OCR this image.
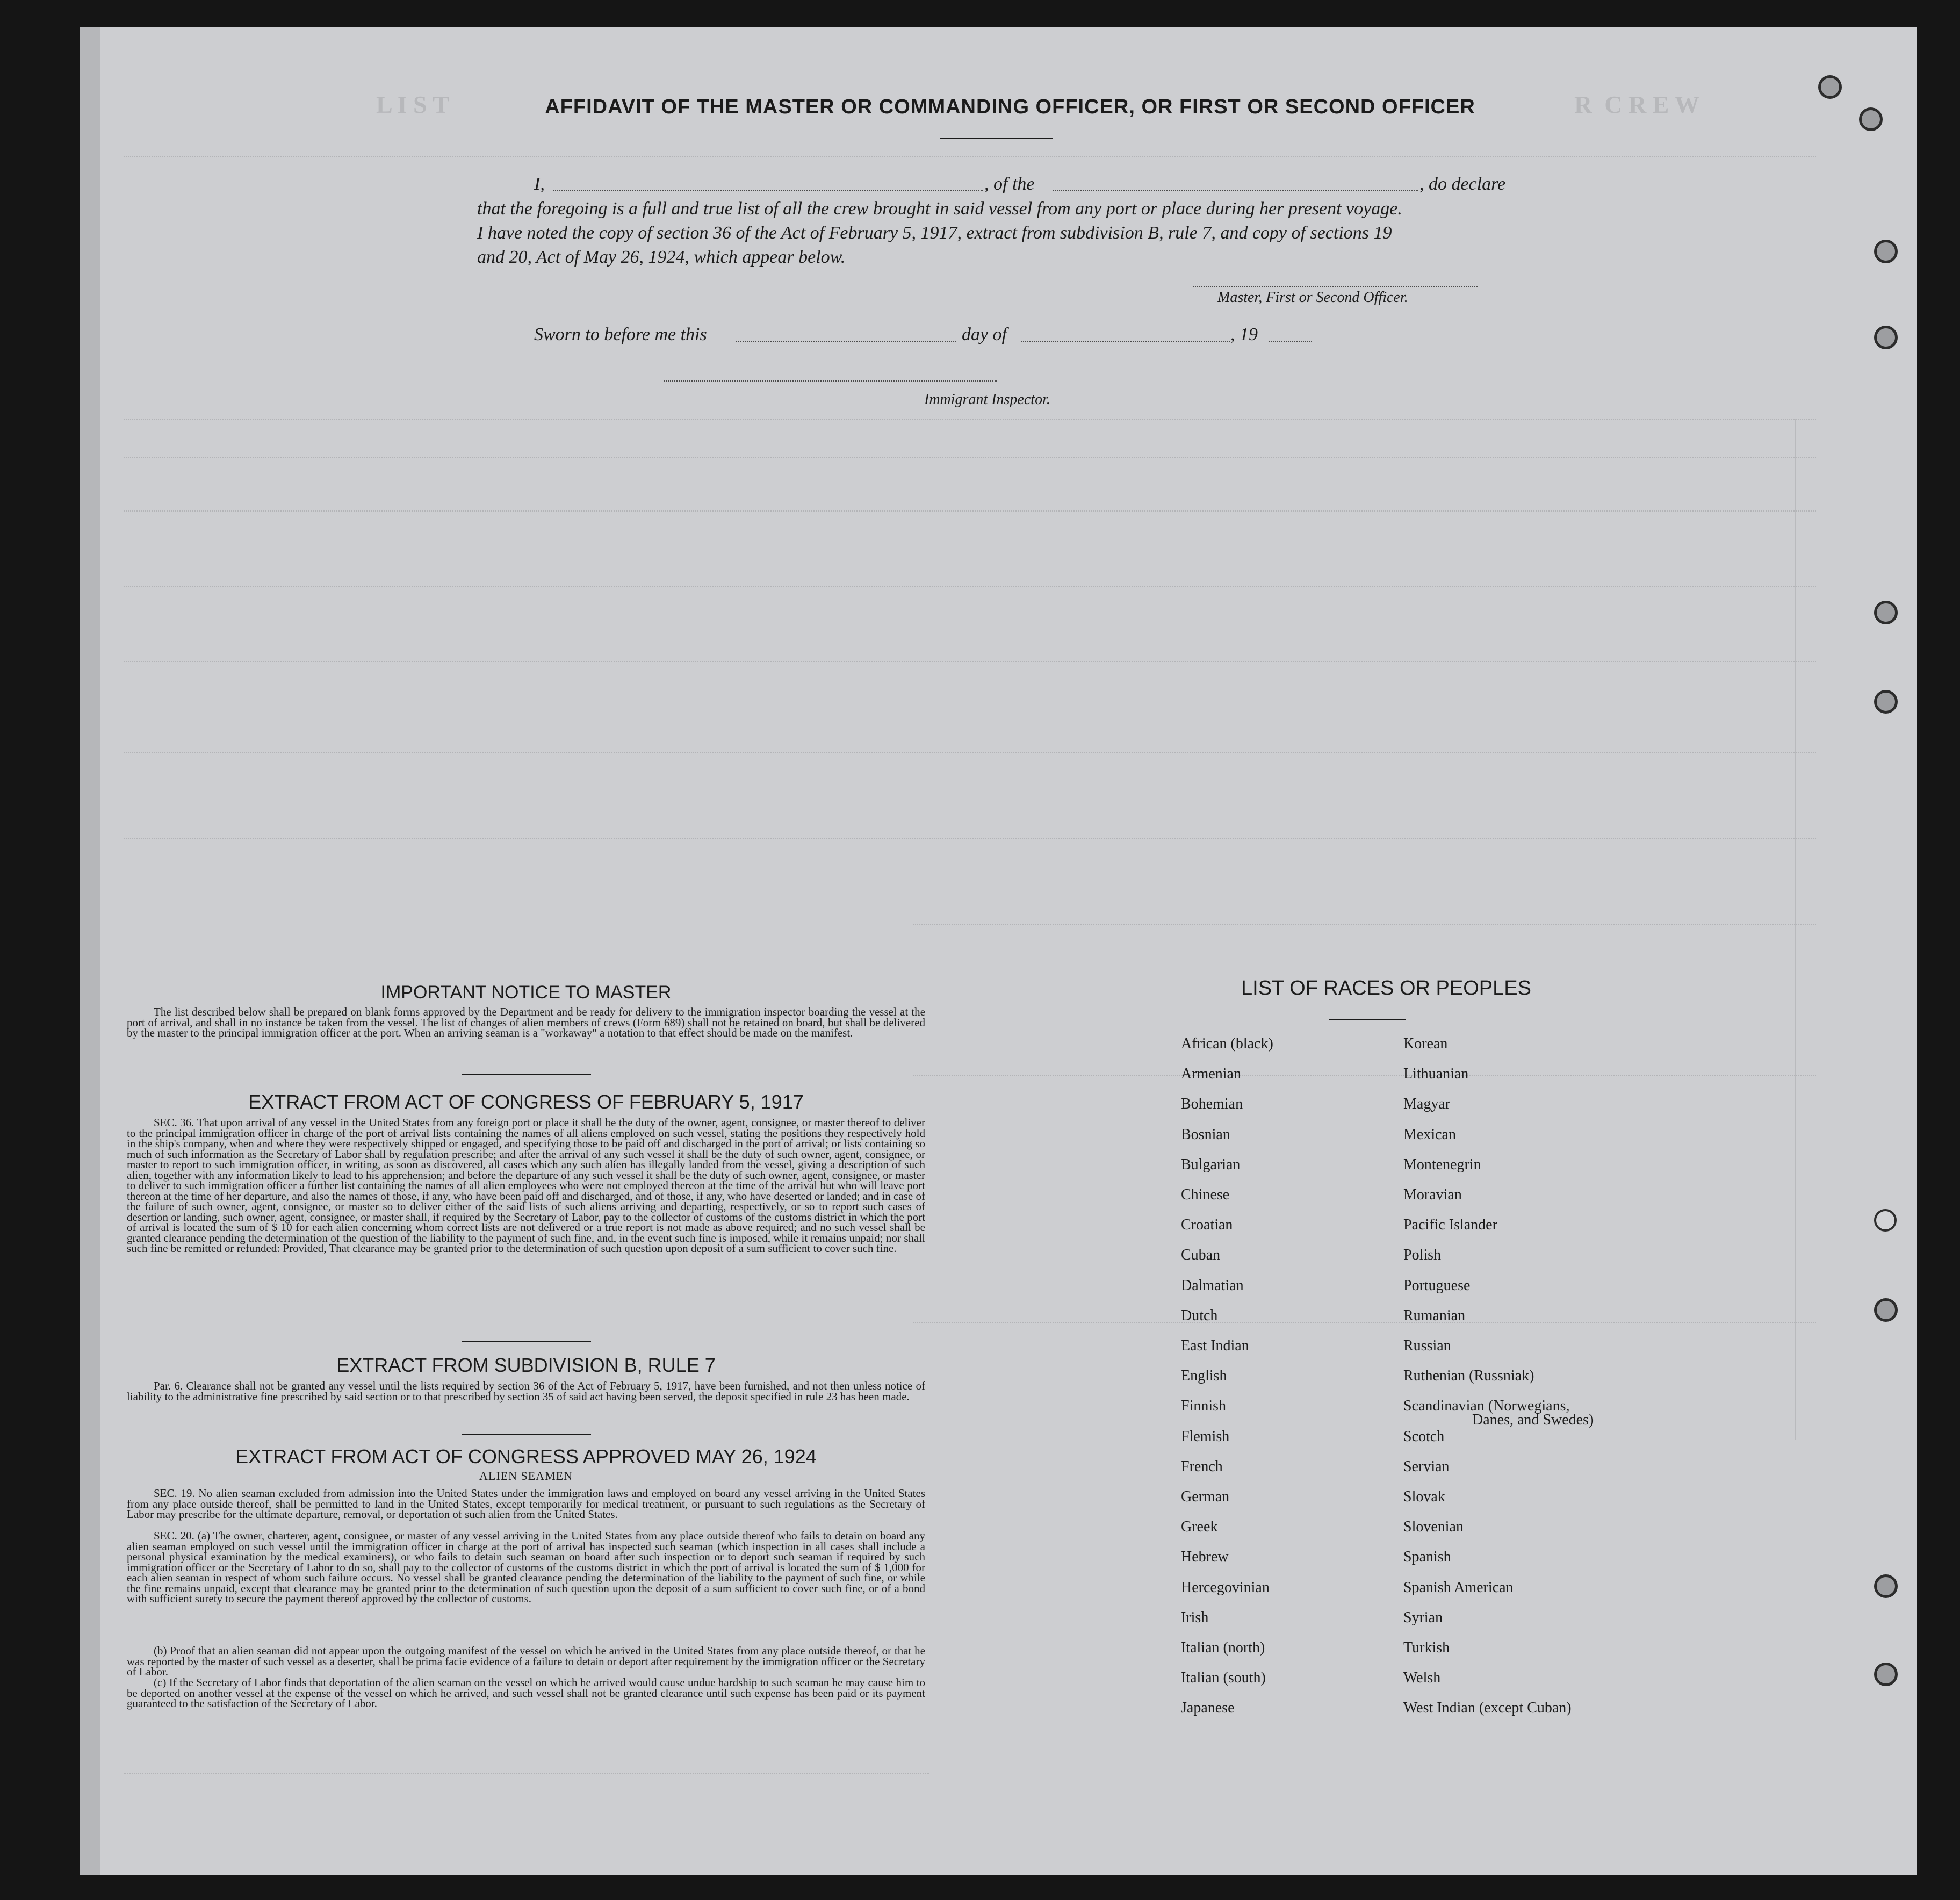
L I S T	R  C R E W
AFFIDAVIT OF THE MASTER OR COMMANDING OFFICER, OR FIRST OR SECOND OFFICER
I,	, of the	, do declare
that the foregoing is a full and true list of all the crew brought in said vessel from any port or place during her present voyage.
I have noted the copy of section 36 of the Act of February 5, 1917, extract from subdivision B, rule 7, and copy of sections 19
and 20, Act of May 26, 1924, which appear below.
Master, First or Second Officer.
Sworn to before me this	day of	, 19
Immigrant Inspector.
IMPORTANT NOTICE TO MASTER
The list described below shall be prepared on blank forms approved by the Department and be ready for delivery to the immigration inspector boarding the vessel at the port of arrival, and shall in no instance be taken from the vessel. The list of changes of alien members of crews (Form 689) shall not be retained on board, but shall be delivered by the master to the principal immigration officer at the port. When an arriving seaman is a "workaway" a notation to that effect should be made on the manifest.
EXTRACT FROM ACT OF CONGRESS OF FEBRUARY 5, 1917
SEC. 36. That upon arrival of any vessel in the United States from any foreign port or place it shall be the duty of the owner, agent, consignee, or master thereof to deliver to the principal immigration officer in charge of the port of arrival lists containing the names of all aliens employed on such vessel, stating the positions they respectively hold in the ship's company, when and where they were respectively shipped or engaged, and specifying those to be paid off and discharged in the port of arrival; or lists containing so much of such information as the Secretary of Labor shall by regulation prescribe; and after the arrival of any such vessel it shall be the duty of such owner, agent, consignee, or master to report to such immigration officer, in writing, as soon as discovered, all cases which any such alien has illegally landed from the vessel, giving a description of such alien, together with any information likely to lead to his apprehension; and before the departure of any such vessel it shall be the duty of such owner, agent, consignee, or master to deliver to such immigration officer a further list containing the names of all alien employees who were not employed thereon at the time of the arrival but who will leave port thereon at the time of her departure, and also the names of those, if any, who have been paid off and discharged, and of those, if any, who have deserted or landed; and in case of the failure of such owner, agent, consignee, or master so to deliver either of the said lists of such aliens arriving and departing, respectively, or so to report such cases of desertion or landing, such owner, agent, consignee, or master shall, if required by the Secretary of Labor, pay to the collector of customs of the customs district in which the port of arrival is located the sum of $ 10 for each alien concerning whom correct lists are not delivered or a true report is not made as above required; and no such vessel shall be granted clearance pending the determination of the question of the liability to the payment of such fine, and, in the event such fine is imposed, while it remains unpaid; nor shall such fine be remitted or refunded: Provided, That clearance may be granted prior to the determination of such question upon deposit of a sum sufficient to cover such fine.
EXTRACT FROM SUBDIVISION B, RULE 7
Par. 6. Clearance shall not be granted any vessel until the lists required by section 36 of the Act of February 5, 1917, have been furnished, and not then unless notice of liability to the administrative fine prescribed by said section or to that prescribed by section 35 of said act having been served, the deposit specified in rule 23 has been made.
EXTRACT FROM ACT OF CONGRESS APPROVED MAY 26, 1924
ALIEN SEAMEN
SEC. 19. No alien seaman excluded from admission into the United States under the immigration laws and employed on board any vessel arriving in the United States from any place outside thereof, shall be permitted to land in the United States, except temporarily for medical treatment, or pursuant to such regulations as the Secretary of Labor may prescribe for the ultimate departure, removal, or deportation of such alien from the United States.
SEC. 20. (a) The owner, charterer, agent, consignee, or master of any vessel arriving in the United States from any place outside thereof who fails to detain on board any alien seaman employed on such vessel until the immigration officer in charge at the port of arrival has inspected such seaman (which inspection in all cases shall include a personal physical examination by the medical examiners), or who fails to detain such seaman on board after such inspection or to deport such seaman if required by such immigration officer or the Secretary of Labor to do so, shall pay to the collector of customs of the customs district in which the port of arrival is located the sum of $ 1,000 for each alien seaman in respect of whom such failure occurs. No vessel shall be granted clearance pending the determination of the liability to the payment of such fine, or while the fine remains unpaid, except that clearance may be granted prior to the determination of such question upon the deposit of a sum sufficient to cover such fine, or of a bond with sufficient surety to secure the payment thereof approved by the collector of customs.
(b) Proof that an alien seaman did not appear upon the outgoing manifest of the vessel on which he arrived in the United States from any place outside thereof, or that he was reported by the master of such vessel as a deserter, shall be prima facie evidence of a failure to detain or deport after requirement by the immigration officer or the Secretary of Labor.
(c) If the Secretary of Labor finds that deportation of the alien seaman on the vessel on which he arrived would cause undue hardship to such seaman he may cause him to be deported on another vessel at the expense of the vessel on which he arrived, and such vessel shall not be granted clearance until such expense has been paid or its payment guaranteed to the satisfaction of the Secretary of Labor.
LIST OF RACES OR PEOPLES
African (black)
Armenian
Bohemian
Bosnian
Bulgarian
Chinese
Croatian
Cuban
Dalmatian
Dutch
East Indian
English
Finnish
Flemish
French
German
Greek
Hebrew
Hercegovinian
Irish
Italian (north)
Italian (south)
Japanese
Korean
Lithuanian
Magyar
Mexican
Montenegrin
Moravian
Pacific Islander
Polish
Portuguese
Rumanian
Russian
Ruthenian (Russniak)
Scandinavian (Norwegians,
Danes, and Swedes)
Scotch
Servian
Slovak
Slovenian
Spanish
Spanish American
Syrian
Turkish
Welsh
West Indian (except Cuban)
